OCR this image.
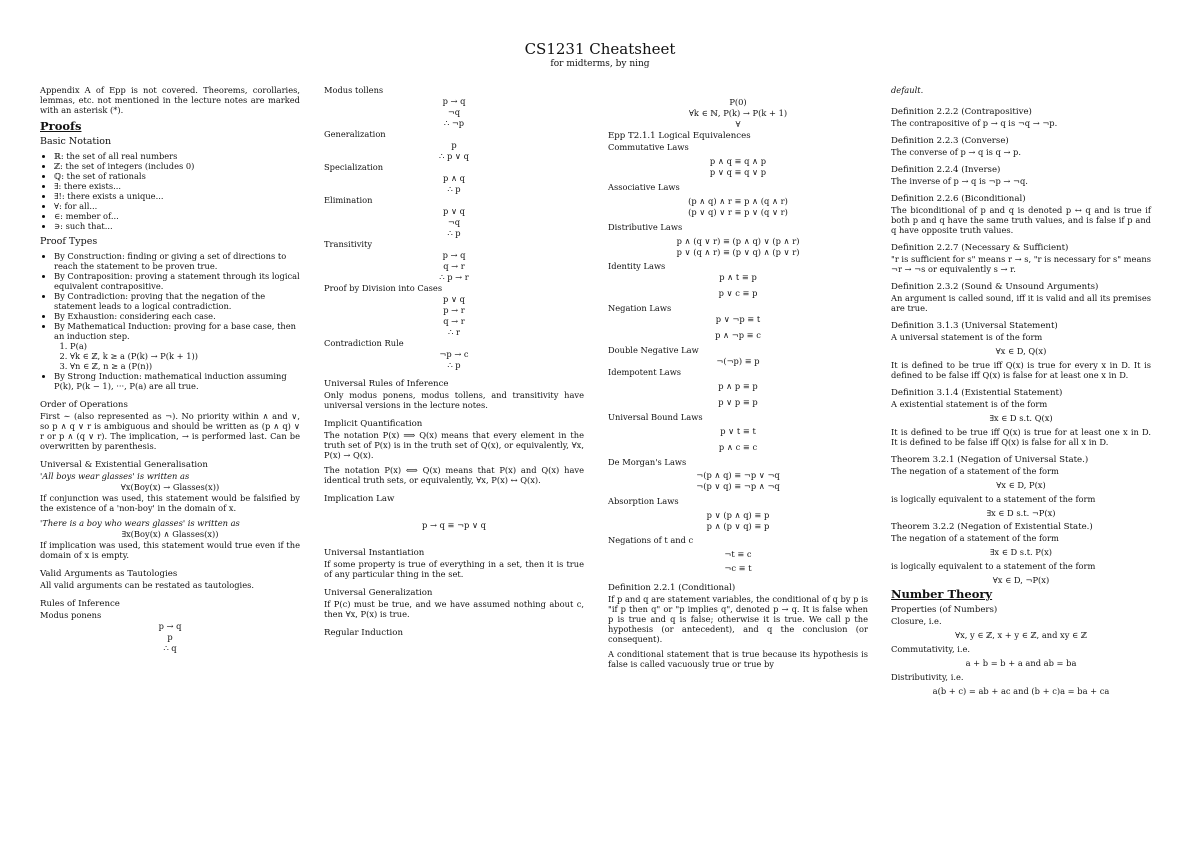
CS1231 Cheatsheet
for midterms, by ning

Appendix A of Epp is not covered. Theorems, corollaries, lemmas, etc. not mentioned in the lecture notes are marked with an asterisk (*).

Proofs
Basic Notation
• ℝ: the set of all real numbers
• ℤ: the set of integers (includes 0)
• ℚ: the set of rationals
• ∃: there exists...
• ∃!: there exists a unique...
• ∀: for all...
• ∈: member of...
• ∋: such that...
Proof Types
• By Construction: finding or giving a set of directions to reach the statement to be proven true.
• By Contraposition: proving a statement through its logical equivalent contrapositive.
• By Contradiction: proving that the negation of the statement leads to a logical contradiction.
• By Exhaustion: considering each case.
• By Mathematical Induction: proving for a base case, then an induction step.
1. P(a)
2. ∀k ∈ ℤ, k ≥ a (P(k) → P(k + 1))
3. ∀n ∈ ℤ, n ≥ a (P(n))
• By Strong Induction: mathematical induction assuming P(k), P(k − 1), ···, P(a) are all true.
Order of Operations

First ∼ (also represented as ¬). No priority within ∧ and ∨, so p ∧ q ∨ r is ambiguous and should be written as (p ∧ q) ∨ r or p ∧ (q ∨ r). The implication, → is performed last. Can be overwritten by parenthesis.

Universal & Existential Generalisation

'All boys wear glasses' is written as

∀x(Boy(x) → Glasses(x))

If conjunction was used, this statement would be falsified by the existence of a 'non-boy' in the domain of x.

'There is a boy who wears glasses' is written as

∃x(Boy(x) ∧ Glasses(x))

If implication was used, this statement would true even if the domain of x is empty.

Valid Arguments as Tautologies

All valid arguments can be restated as tautologies.

Rules of Inference
Modus ponens
p → q
p
∴ q
Modus tollens
p → q
¬q
∴ ¬p
Generalization
p
∴ p ∨ q
Specialization
p ∧ q
∴ p
Elimination
p ∨ q
¬q
∴ p
Transitivity
p → q
q → r
∴ p → r
Proof by Division into Cases
p ∨ q
p → r
q → r
∴ r
Contradiction Rule
¬p → c
∴ p
Universal Rules of Inference

Only modus ponens, modus tollens, and transitivity have universal versions in the lecture notes.

Implicit Quantification

The notation P(x) ⟹ Q(x) means that every element in the truth set of P(x) is in the truth set of Q(x), or equivalently, ∀x, P(x) → Q(x).

The notation P(x) ⟺ Q(x) means that P(x) and Q(x) have identical truth sets, or equivalently, ∀x, P(x) ↔ Q(x).

Implication Law
p → q ≡ ¬p ∨ q
Universal Instantiation

If some property is true of everything in a set, then it is true of any particular thing in the set.

Universal Generalization

If P(c) must be true, and we have assumed nothing about c, then ∀x, P(x) is true.

Regular Induction
P(0)
∀k ∈ ℕ, P(k) → P(k + 1)
∀
Epp T2.1.1 Logical Equivalences
Commutative Laws
p ∧ q ≡ q ∧ p
p ∨ q ≡ q ∨ p
Associative Laws
(p ∧ q) ∧ r ≡ p ∧ (q ∧ r)
(p ∨ q) ∨ r ≡ p ∨ (q ∨ r)
Distributive Laws
p ∧ (q ∨ r) ≡ (p ∧ q) ∨ (p ∧ r)
p ∨ (q ∧ r) ≡ (p ∨ q) ∧ (p ∨ r)
Identity Laws
p ∧ t ≡ p
p ∨ c ≡ p
Negation Laws
p ∨ ¬p ≡ t
p ∧ ¬p ≡ c
Double Negative Law
¬(¬p) ≡ p
Idempotent Laws
p ∧ p ≡ p
p ∨ p ≡ p
Universal Bound Laws
p ∨ t ≡ t
p ∧ c ≡ c
De Morgan's Laws
¬(p ∧ q) ≡ ¬p ∨ ¬q
¬(p ∨ q) ≡ ¬p ∧ ¬q
Absorption Laws
p ∨ (p ∧ q) ≡ p
p ∧ (p ∨ q) ≡ p
Negations of t and c
¬t ≡ c
¬c ≡ t
Definition 2.2.1 (Conditional)

If p and q are statement variables, the conditional of q by p is "if p then q" or "p implies q", denoted p → q. It is false when p is true and q is false; otherwise it is true. We call p the hypothesis (or antecedent), and q the conclusion (or consequent).

A conditional statement that is true because its hypothesis is false is called vacuously true or true by

default.
Definition 2.2.2 (Contrapositive)

The contrapositive of p → q is ¬q → ¬p.

Definition 2.2.3 (Converse)

The converse of p → q is q → p.

Definition 2.2.4 (Inverse)

The inverse of p → q is ¬p → ¬q.

Definition 2.2.6 (Biconditional)

The biconditional of p and q is denoted p ↔ q and is true if both p and q have the same truth values, and is false if p and q have opposite truth values.

Definition 2.2.7 (Necessary & Sufficient)

"r is sufficient for s" means r → s, "r is necessary for s" means ¬r → ¬s or equivalently s → r.

Definition 2.3.2 (Sound & Unsound Arguments)

An argument is called sound, iff it is valid and all its premises are true.

Definition 3.1.3 (Universal Statement)

A universal statement is of the form

∀x ∈ D, Q(x)

It is defined to be true iff Q(x) is true for every x in D. It is defined to be false iff Q(x) is false for at least one x in D.

Definition 3.1.4 (Existential Statement)

A existential statement is of the form

∃x ∈ D s.t. Q(x)

It is defined to be true iff Q(x) is true for at least one x in D. It is defined to be false iff Q(x) is false for all x in D.

Theorem 3.2.1 (Negation of Universal State.)

The negation of a statement of the form

∀x ∈ D, P(x)

is logically equivalent to a statement of the form

∃x ∈ D s.t. ¬P(x)
Theorem 3.2.2 (Negation of Existential State.)

The negation of a statement of the form

∃x ∈ D s.t. P(x)

is logically equivalent to a statement of the form

∀x ∈ D, ¬P(x)
Number Theory
Properties (of Numbers)
Closure, i.e.
∀x, y ∈ ℤ, x + y ∈ ℤ, and xy ∈ ℤ
Commutativity, i.e.
a + b = b + a and ab = ba
Distributivity, i.e.
a(b + c) = ab + ac and (b + c)a = ba + ca
